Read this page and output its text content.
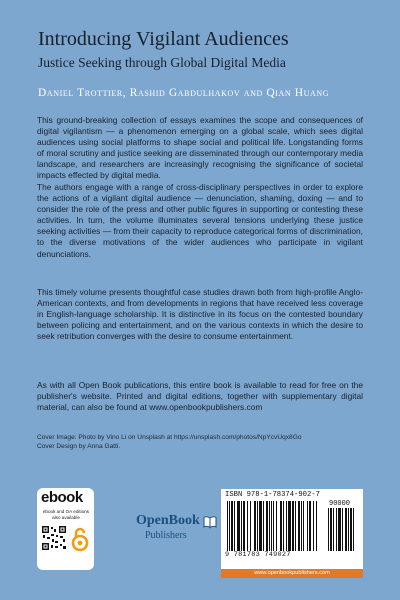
Introducing Vigilant Audiences
Justice Seeking through Global Digital Media
Daniel Trottier, Rashid Gabdulhakov and Qian Huang

This ground-breaking collection of essays examines the scope and consequences of digital vigilantism — a phenomenon emerging on a global scale, which sees digital audiences using social platforms to shape social and political life. Longstanding forms of moral scrutiny and justice seeking are disseminated through our contemporary media landscape, and researchers are increasingly recognising the significance of societal impacts effected by digital media.

The authors engage with a range of cross-disciplinary perspectives in order to explore the actions of a vigilant digital audience — denunciation, shaming, doxing — and to consider the role of the press and other public figures in supporting or contesting these activities. In turn, the volume illuminates several tensions underlying these justice seeking activities — from their capacity to reproduce categorical forms of discrimination, to the diverse motivations of the wider audiences who participate in vigilant denunciations.

This timely volume presents thoughtful case studies drawn both from high-profile Anglo-American contexts, and from developments in regions that have received less coverage in English-language scholarship. It is distinctive in its focus on the contested boundary between policing and entertainment, and on the various contexts in which the desire to seek retribution converges with the desire to consume entertainment.

As with all Open Book publications, this entire book is available to read for free on the publisher's website. Printed and digital editions, together with supplementary digital material, can also be found at www.openbookpublishers.com

Cover Image: Photo by Vino Li on Unsplash at https://unsplash.com/photos/NpYcvUqx8Go
Cover Design by Anna Gatti.
ebook
ebook and OA editions also available	OpenBook
Publishers
ISBN 978-1-78374-902-7
90000
9 781783 749027
www.openbookpublishers.com
